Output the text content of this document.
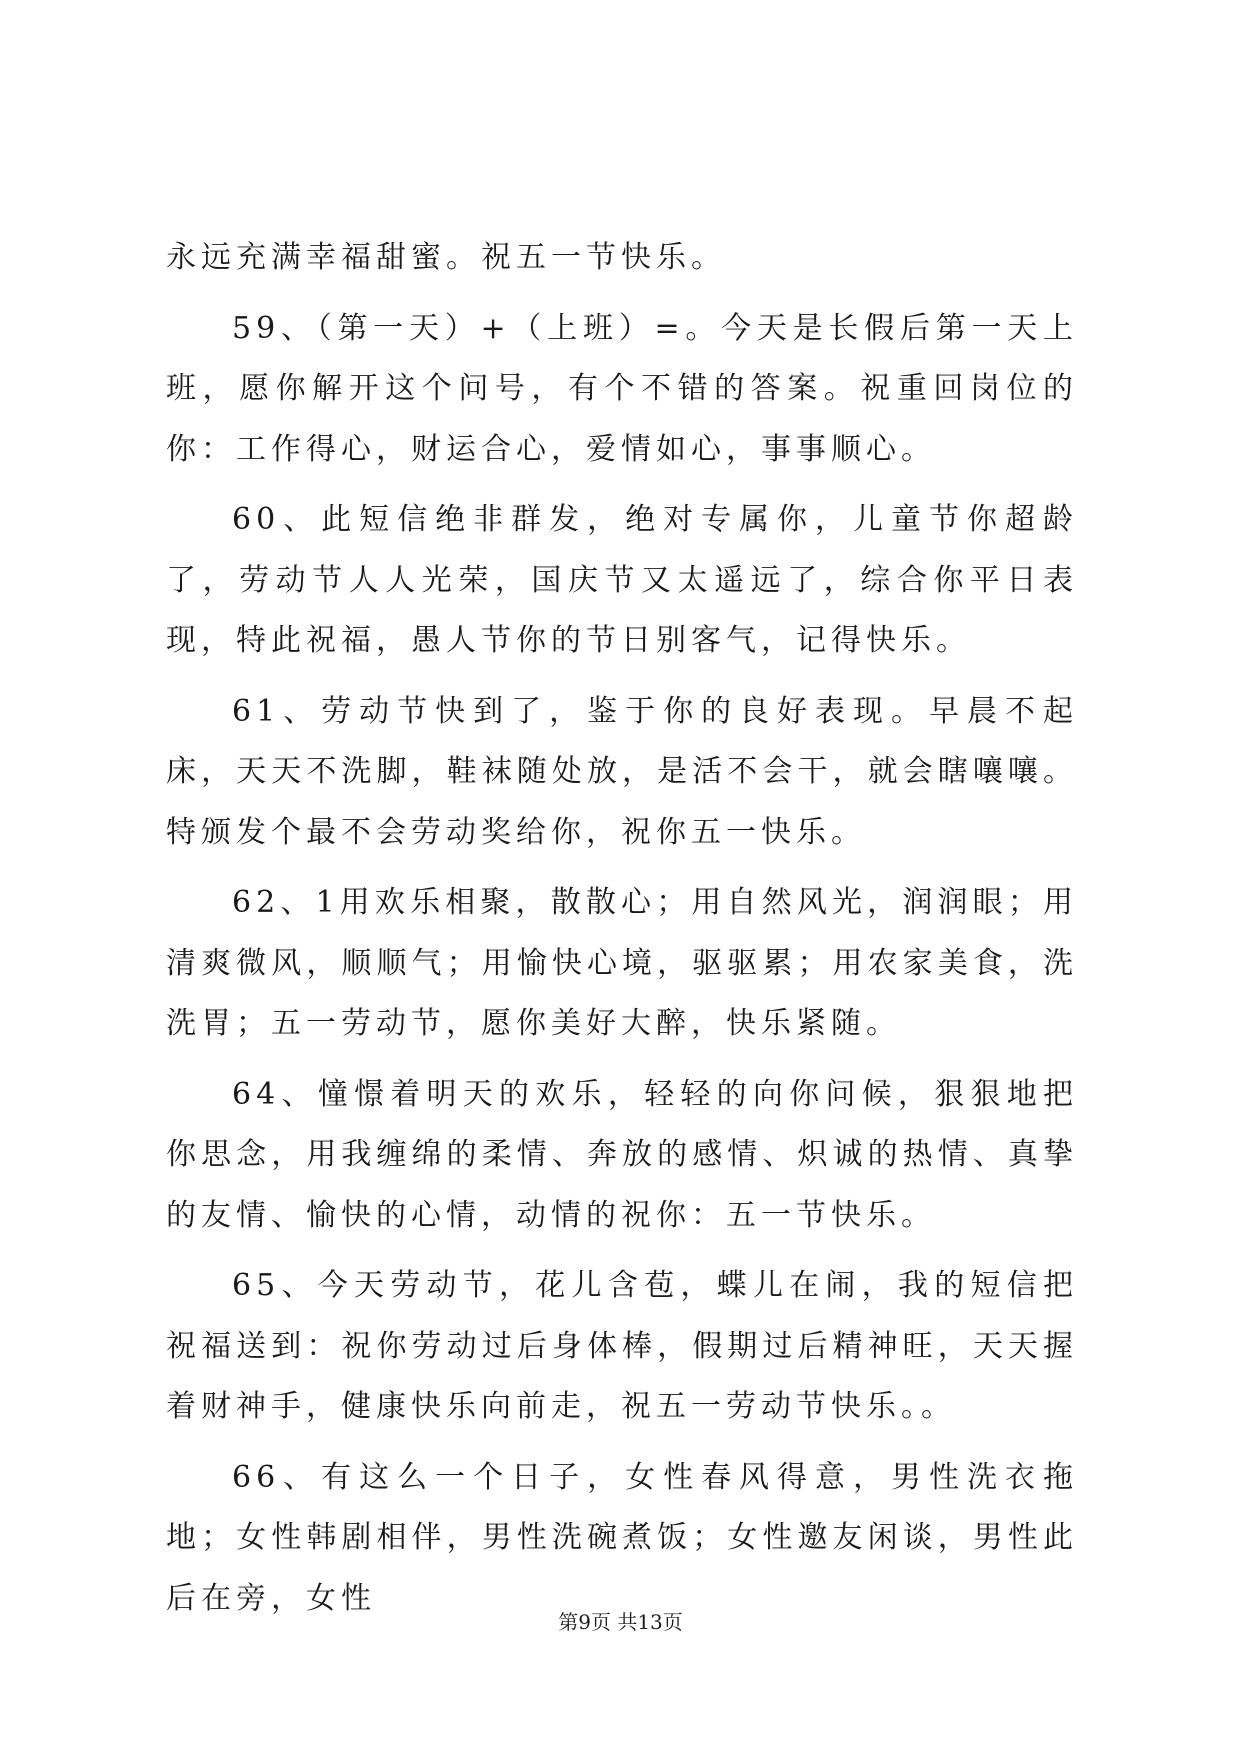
永远充满幸福甜蜜。祝五一节快乐。

59、（第一天）+（上班）=。今天是长假后第一天上班，愿你解开这个问号，有个不错的答案。祝重回岗位的你：工作得心，财运合心，爱情如心，事事顺心。

60、此短信绝非群发，绝对专属你，儿童节你超龄了，劳动节人人光荣，国庆节又太遥远了，综合你平日表现，特此祝福，愚人节你的节日别客气，记得快乐。

61、劳动节快到了，鉴于你的良好表现。早晨不起床，天天不洗脚，鞋袜随处放，是活不会干，就会瞎嚷嚷。特颁发个最不会劳动奖给你，祝你五一快乐。

62、1用欢乐相聚，散散心；用自然风光，润润眼；用清爽微风，顺顺气；用愉快心境，驱驱累；用农家美食，洗洗胃；五一劳动节，愿你美好大醉，快乐紧随。

64、憧憬着明天的欢乐，轻轻的向你问候，狠狠地把你思念，用我缠绵的柔情、奔放的感情、炽诚的热情、真挚的友情、愉快的心情，动情的祝你：五一节快乐。

65、今天劳动节，花儿含苞，蝶儿在闹，我的短信把祝福送到：祝你劳动过后身体棒，假期过后精神旺，天天握着财神手，健康快乐向前走，祝五一劳动节快乐。。

66、有这么一个日子，女性春风得意，男性洗衣拖地；女性韩剧相伴，男性洗碗煮饭；女性邀友闲谈，男性此后在旁，女性

第9页 共13页
